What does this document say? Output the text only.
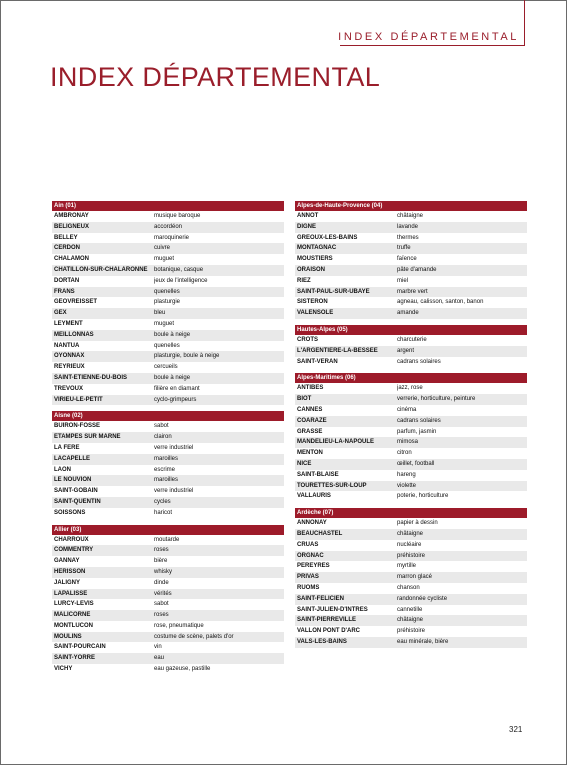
INDEX DÉPARTEMENTAL
INDEX DÉPARTEMENTAL
Ain (01)
AMBRONAY	musique baroque
BELIGNEUX	accordéon
BELLEY	maroquinerie
CERDON	cuivre
CHALAMON	muguet
CHATILLON-SUR-CHALARONNE	botanique, casque
DORTAN	jeux de l'intelligence
FRANS	quenelles
GEOVREISSET	plasturgie
GEX	bleu
LEYMENT	muguet
MEILLONNAS	boule à neige
NANTUA	quenelles
OYONNAX	plasturgie, boule à neige
REYRIEUX	cercueils
SAINT-ETIENNE-DU-BOIS	boule à neige
TREVOUX	filière en diamant
VIRIEU-LE-PETIT	cyclo-grimpeurs
Aisne (02)
BUIRON-FOSSE	sabot
ETAMPES SUR MARNE	clairon
LA FERE	verre industriel
LACAPELLE	maroilles
LAON	escrime
LE NOUVION	maroilles
SAINT-GOBAIN	verre industriel
SAINT-QUENTIN	cycles
SOISSONS	haricot
Allier (03)
CHARROUX	moutarde
COMMENTRY	roses
GANNAY	bière
HERISSON	whisky
JALIGNY	dinde
LAPALISSE	vérités
LURCY-LEVIS	sabot
MALICORNE	roses
MONTLUCON	rose, pneumatique
MOULINS	costume de scène, palets d'or
SAINT-POURCAIN	vin
SAINT-YORRE	eau
VICHY	eau gazeuse, pastille
Alpes-de-Haute-Provence (04)
ANNOT	châtaigne
DIGNE	lavande
GREOUX-LES-BAINS	thermes
MONTAGNAC	truffe
MOUSTIERS	faïence
ORAISON	pâte d'amande
RIEZ	miel
SAINT-PAUL-SUR-UBAYE	marbre vert
SISTERON	agneau, calisson, santon, banon
VALENSOLE	amande
Hautes-Alpes (05)
CROTS	charcuterie
L'ARGENTIERE-LA-BESSEE	argent
SAINT-VERAN	cadrans solaires
Alpes-Maritimes (06)
ANTIBES	jazz, rose
BIOT	verrerie, horticulture, peinture
CANNES	cinéma
COARAZE	cadrans solaires
GRASSE	parfum, jasmin
MANDELIEU-LA-NAPOULE	mimosa
MENTON	citron
NICE	œillet, football
SAINT-BLAISE	hareng
TOURETTES-SUR-LOUP	violette
VALLAURIS	poterie, horticulture
Ardèche (07)
ANNONAY	papier à dessin
BEAUCHASTEL	châtaigne
CRUAS	nucléaire
ORGNAC	préhistoire
PEREYRES	myrtille
PRIVAS	marron glacé
RUOMS	chanson
SAINT-FELICIEN	randonnée cycliste
SAINT-JULIEN-D'INTRES	cannetille
SAINT-PIERREVILLE	châtaigne
VALLON PONT D'ARC	préhistoire
VALS-LES-BAINS	eau minérale, bière
321
